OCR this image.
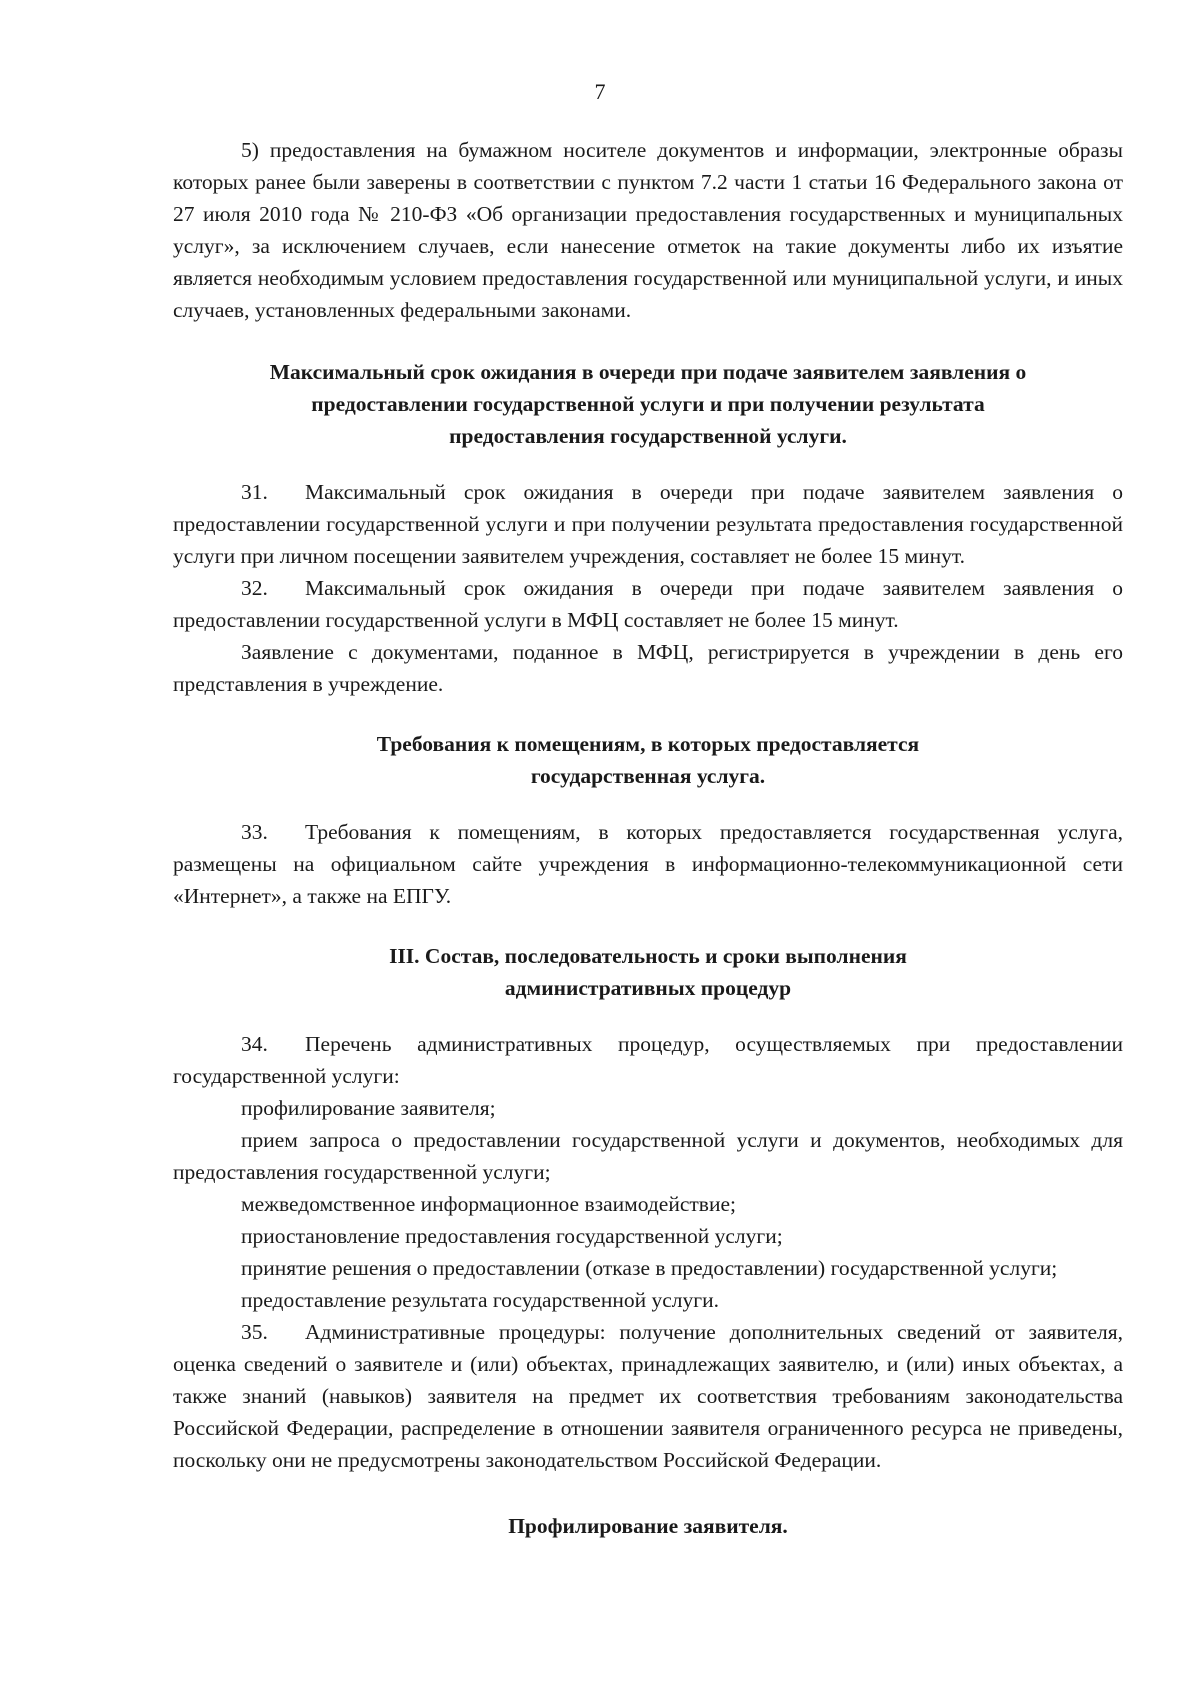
7

5) предоставления на бумажном носителе документов и информации, электронные образы которых ранее были заверены в соответствии с пунктом 7.2 части 1 статьи 16 Федерального закона от 27 июля 2010 года № 210-ФЗ «Об организации предоставления государственных и муниципальных услуг», за исключением случаев, если нанесение отметок на такие документы либо их изъятие является необходимым условием предоставления государственной или муниципальной услуги, и иных случаев, установленных федеральными законами.

Максимальный срок ожидания в очереди при подаче заявителем заявления о

предоставлении государственной услуги и при получении результата

предоставления государственной услуги.

31. Максимальный срок ожидания в очереди при подаче заявителем заявления о предоставлении государственной услуги и при получении результата предоставления государственной услуги при личном посещении заявителем учреждения, составляет не более 15 минут.

32. Максимальный срок ожидания в очереди при подаче заявителем заявления о предоставлении государственной услуги в МФЦ составляет не более 15 минут.

Заявление с документами, поданное в МФЦ, регистрируется в учреждении в день его представления в учреждение.

Требования к помещениям, в которых предоставляется

государственная услуга.

33. Требования к помещениям, в которых предоставляется государственная услуга, размещены на официальном сайте учреждения в информационно-телекоммуникационной сети «Интернет», а также на ЕПГУ.

III. Состав, последовательность и сроки выполнения

административных процедур

34. Перечень административных процедур, осуществляемых при предоставлении государственной услуги:

профилирование заявителя;

прием запроса о предоставлении государственной услуги и документов, необходимых для предоставления государственной услуги;

межведомственное информационное взаимодействие;

приостановление предоставления государственной услуги;

принятие решения о предоставлении (отказе в предоставлении) государственной услуги;

предоставление результата государственной услуги.

35. Административные процедуры: получение дополнительных сведений от заявителя, оценка сведений о заявителе и (или) объектах, принадлежащих заявителю, и (или) иных объектах, а также знаний (навыков) заявителя на предмет их соответствия требованиям законодательства Российской Федерации, распределение в отношении заявителя ограниченного ресурса не приведены, поскольку они не предусмотрены законодательством Российской Федерации.

Профилирование заявителя.
